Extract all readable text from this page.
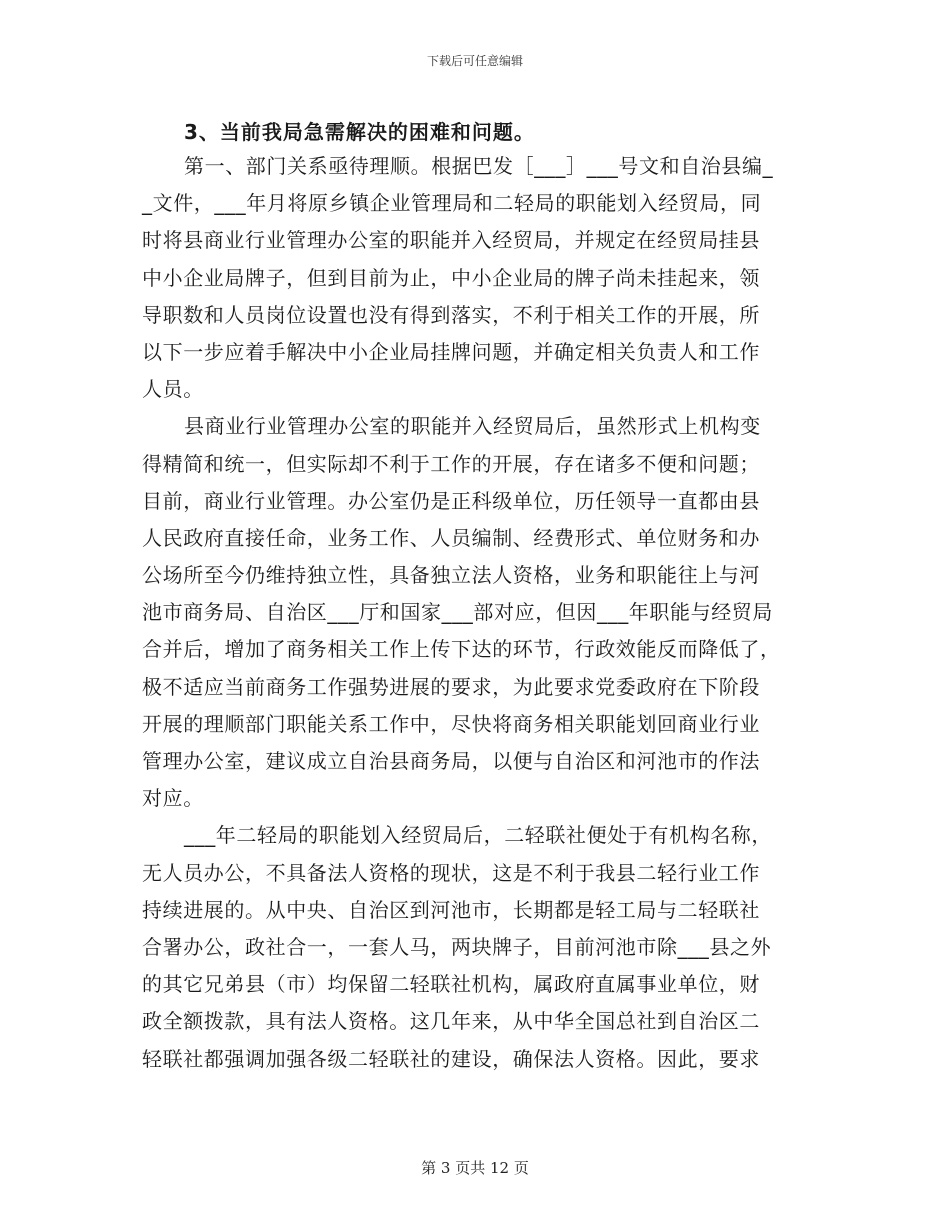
下载后可任意编辑
3、当前我局急需解决的困难和问题。
第一、部门关系亟待理顺。根据巴发［___］___号文和自治县编_
_文件，___年月将原乡镇企业管理局和二轻局的职能划入经贸局，同
时将县商业行业管理办公室的职能并入经贸局，并规定在经贸局挂县
中小企业局牌子，但到目前为止，中小企业局的牌子尚未挂起来，领
导职数和人员岗位设置也没有得到落实，不利于相关工作的开展，所
以下一步应着手解决中小企业局挂牌问题，并确定相关负责人和工作
人员。
县商业行业管理办公室的职能并入经贸局后，虽然形式上机构变
得精简和统一，但实际却不利于工作的开展，存在诸多不便和问题；
目前，商业行业管理。办公室仍是正科级单位，历任领导一直都由县
人民政府直接任命，业务工作、人员编制、经费形式、单位财务和办
公场所至今仍维持独立性，具备独立法人资格，业务和职能往上与河
池市商务局、自治区___厅和国家___部对应，但因___年职能与经贸局
合并后，增加了商务相关工作上传下达的环节，行政效能反而降低了，
极不适应当前商务工作强势进展的要求，为此要求党委政府在下阶段
开展的理顺部门职能关系工作中，尽快将商务相关职能划回商业行业
管理办公室，建议成立自治县商务局，以便与自治区和河池市的作法
对应。
___年二轻局的职能划入经贸局后，二轻联社便处于有机构名称，
无人员办公，不具备法人资格的现状，这是不利于我县二轻行业工作
持续进展的。从中央、自治区到河池市，长期都是轻工局与二轻联社
合署办公，政社合一，一套人马，两块牌子，目前河池市除___县之外
的其它兄弟县（市）均保留二轻联社机构，属政府直属事业单位，财
政全额拨款，具有法人资格。这几年来，从中华全国总社到自治区二
轻联社都强调加强各级二轻联社的建设，确保法人资格。因此，要求
第 3 页共 12 页
